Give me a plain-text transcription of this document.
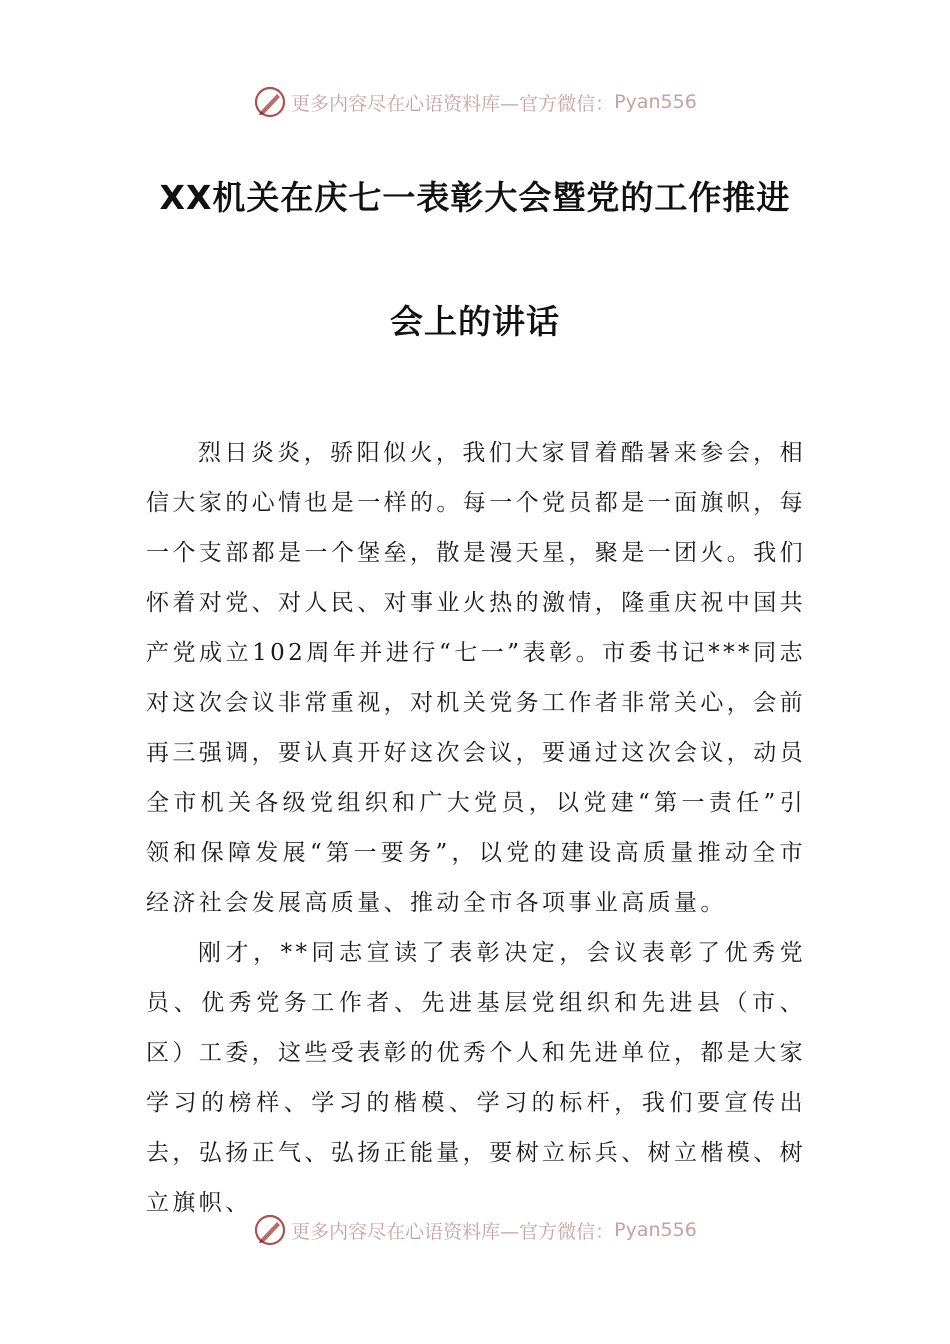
更多内容尽在心语资料库—官方微信： Pyan556
XX机关在庆七一表彰大会暨党的工作推进
会上的讲话

烈日炎炎，骄阳似火，我们大家冒着酷暑来参会，相信大家的心情也是一样的。每一个党员都是一面旗帜，每一个支部都是一个堡垒，散是漫天星，聚是一团火。我们怀着对党、对人民、对事业火热的激情，隆重庆祝中国共产党成立102周年并进行“七一”表彰。市委书记***同志对这次会议非常重视，对机关党务工作者非常关心，会前再三强调，要认真开好这次会议，要通过这次会议，动员全市机关各级党组织和广大党员，以党建“第一责任”引领和保障发展“第一要务”，以党的建设高质量推动全市经济社会发展高质量、推动全市各项事业高质量。

刚才，**同志宣读了表彰决定，会议表彰了优秀党员、优秀党务工作者、先进基层党组织和先进县（市、区）工委，这些受表彰的优秀个人和先进单位，都是大家学习的榜样、学习的楷模、学习的标杆，我们要宣传出去，弘扬正气、弘扬正能量，要树立标兵、树立楷模、树立旗帜、

更多内容尽在心语资料库—官方微信： Pyan556
